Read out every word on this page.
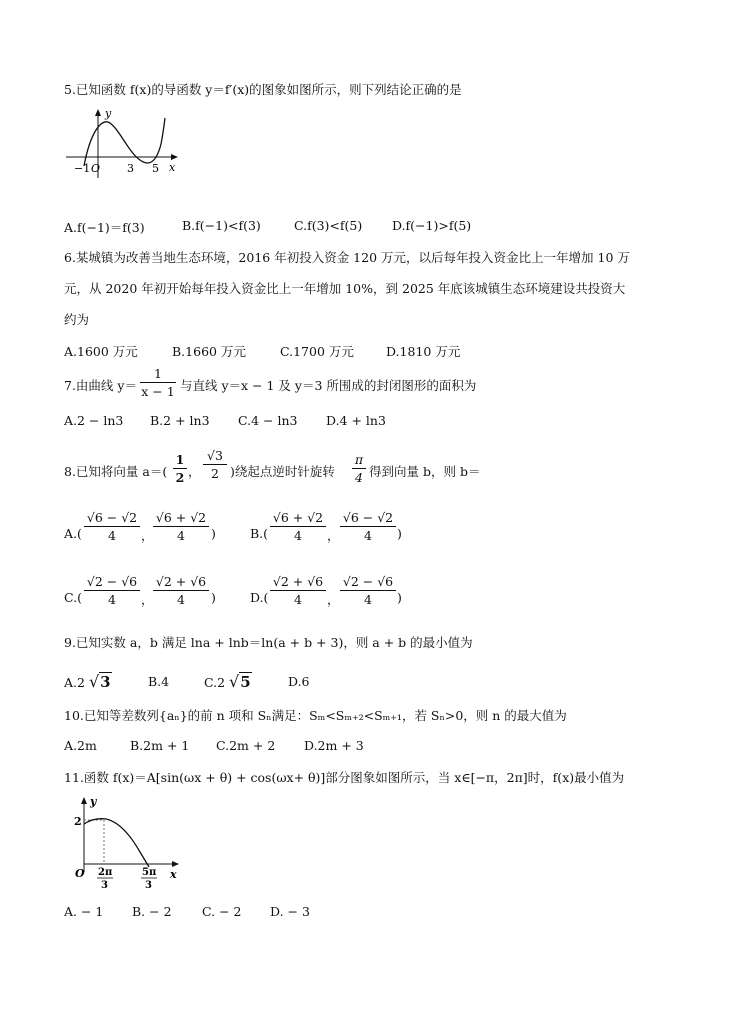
5.已知函数 f(x)的导函数 y＝f′(x)的图象如图所示，则下列结论正确的是
y
x
−1 O 3 5
A.f(−1)＝f(3)	B.f(−1)<f(3)	C.f(3)<f(5) D.f(−1)>f(5)
6.某城镇为改善当地生态环境，2016 年初投入资金 120 万元，以后每年投入资金比上一年增加 10 万
元，从 2020 年初开始每年投入资金比上一年增加 10%，到 2025 年底该城镇生态环境建设共投资大
约为
A.1600 万元	B.1660 万元	C.1700 万元	D.1810 万元
7.由曲线 y＝
1
x − 1 与直线 y＝x − 1 及 y＝3 所围成的封闭图形的面积为
A.2 − ln3 B.2 + ln3 C.4 − ln3 D.4 + ln3
8.已知将向量 a＝(
1
2 ，
√3
2 )绕起点逆时针旋转
π
4 得到向量 b，则 b＝
A.(
√6 − √2
4	，
√6 + √2
4	)	B.(
√6 + √2
4	，
√6 − √2
4	)
C.(
√2 − √6
4	，
√2 + √6
4	)	D.(
√2 + √6
4	，
√2 − √6
4	)
9.已知实数 a，b 满足 lna + lnb＝ln(a + b + 3)，则 a + b 的最小值为
A.2 √3	B.4	C.2 √5	D.6
10.已知等差数列{aₙ}的前 n 项和 Sₙ满足：Sₘ<Sₘ₊₂<Sₘ₊₁，若 Sₙ>0，则 n 的最大值为
A.2m	B.2m + 1 C.2m + 2 D.2m + 3
11.函数 f(x)＝A[sin(ωx + θ) + cos(ωx+ θ)]部分图象如图所示，当 x∈[−π，2π]时，f(x)最小值为
y
x
2
O 2π
3
5π
3
A. − 1 B. − 2 C. − 2 D. − 3
